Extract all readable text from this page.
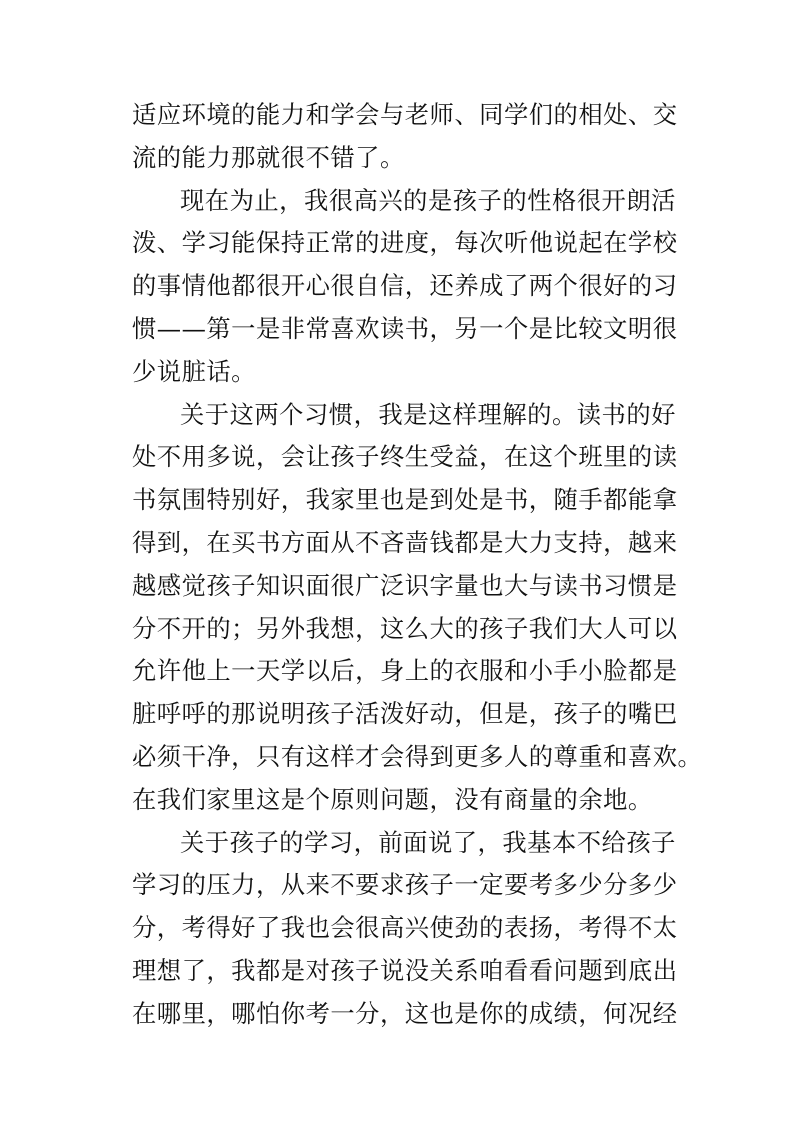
适应环境的能力和学会与老师、同学们的相处、交
流的能力那就很不错了。
现在为止，我很高兴的是孩子的性格很开朗活
泼、学习能保持正常的进度，每次听他说起在学校
的事情他都很开心很自信，还养成了两个很好的习
惯——第一是非常喜欢读书，另一个是比较文明很
少说脏话。
关于这两个习惯，我是这样理解的。读书的好
处不用多说，会让孩子终生受益，在这个班里的读
书氛围特别好，我家里也是到处是书，随手都能拿
得到，在买书方面从不吝啬钱都是大力支持，越来
越感觉孩子知识面很广泛识字量也大与读书习惯是
分不开的；另外我想，这么大的孩子我们大人可以
允许他上一天学以后，身上的衣服和小手小脸都是
脏呼呼的那说明孩子活泼好动，但是，孩子的嘴巴
必须干净，只有这样才会得到更多人的尊重和喜欢。
在我们家里这是个原则问题，没有商量的余地。
关于孩子的学习，前面说了，我基本不给孩子
学习的压力，从来不要求孩子一定要考多少分多少
分，考得好了我也会很高兴使劲的表扬，考得不太
理想了，我都是对孩子说没关系咱看看问题到底出
在哪里，哪怕你考一分，这也是你的成绩，何况经
